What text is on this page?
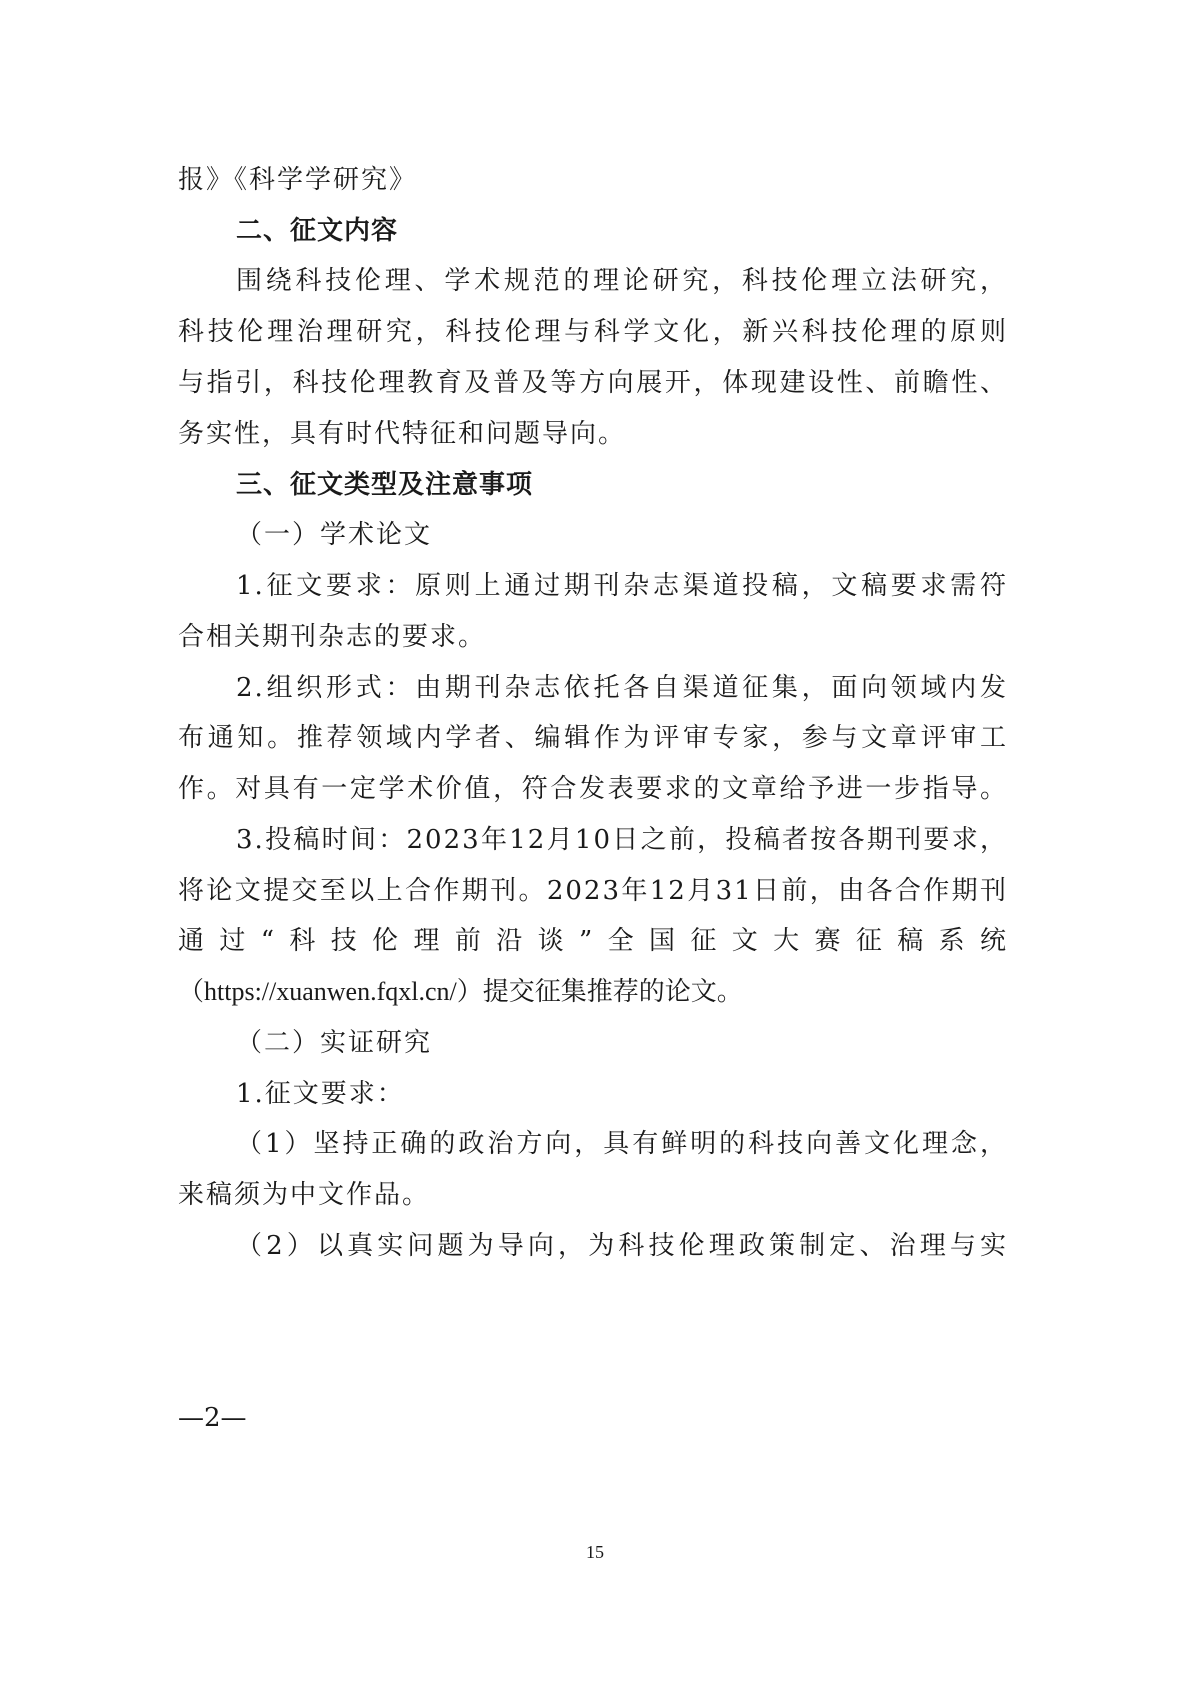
报》《科学学研究》
二、征文内容
围绕科技伦理、学术规范的理论研究，科技伦理立法研究，
科技伦理治理研究，科技伦理与科学文化，新兴科技伦理的原则
与指引，科技伦理教育及普及等方向展开，体现建设性、前瞻性、
务实性，具有时代特征和问题导向。
三、征文类型及注意事项
（一）学术论文
1.征文要求：原则上通过期刊杂志渠道投稿，文稿要求需符
合相关期刊杂志的要求。
2.组织形式：由期刊杂志依托各自渠道征集，面向领域内发
布通知。推荐领域内学者、编辑作为评审专家，参与文章评审工
作。对具有一定学术价值，符合发表要求的文章给予进一步指导。
3.投稿时间：2023年12月10日之前，投稿者按各期刊要求，
将论文提交至以上合作期刊。2023年12月31日前，由各合作期刊
通过“科技伦理前沿谈”全国征文大赛征稿系统
（https://xuanwen.fqxl.cn/）提交征集推荐的论文。
（二）实证研究
1.征文要求：
（1）坚持正确的政治方向，具有鲜明的科技向善文化理念，
来稿须为中文作品。
（2）以真实问题为导向，为科技伦理政策制定、治理与实
—2—
15
